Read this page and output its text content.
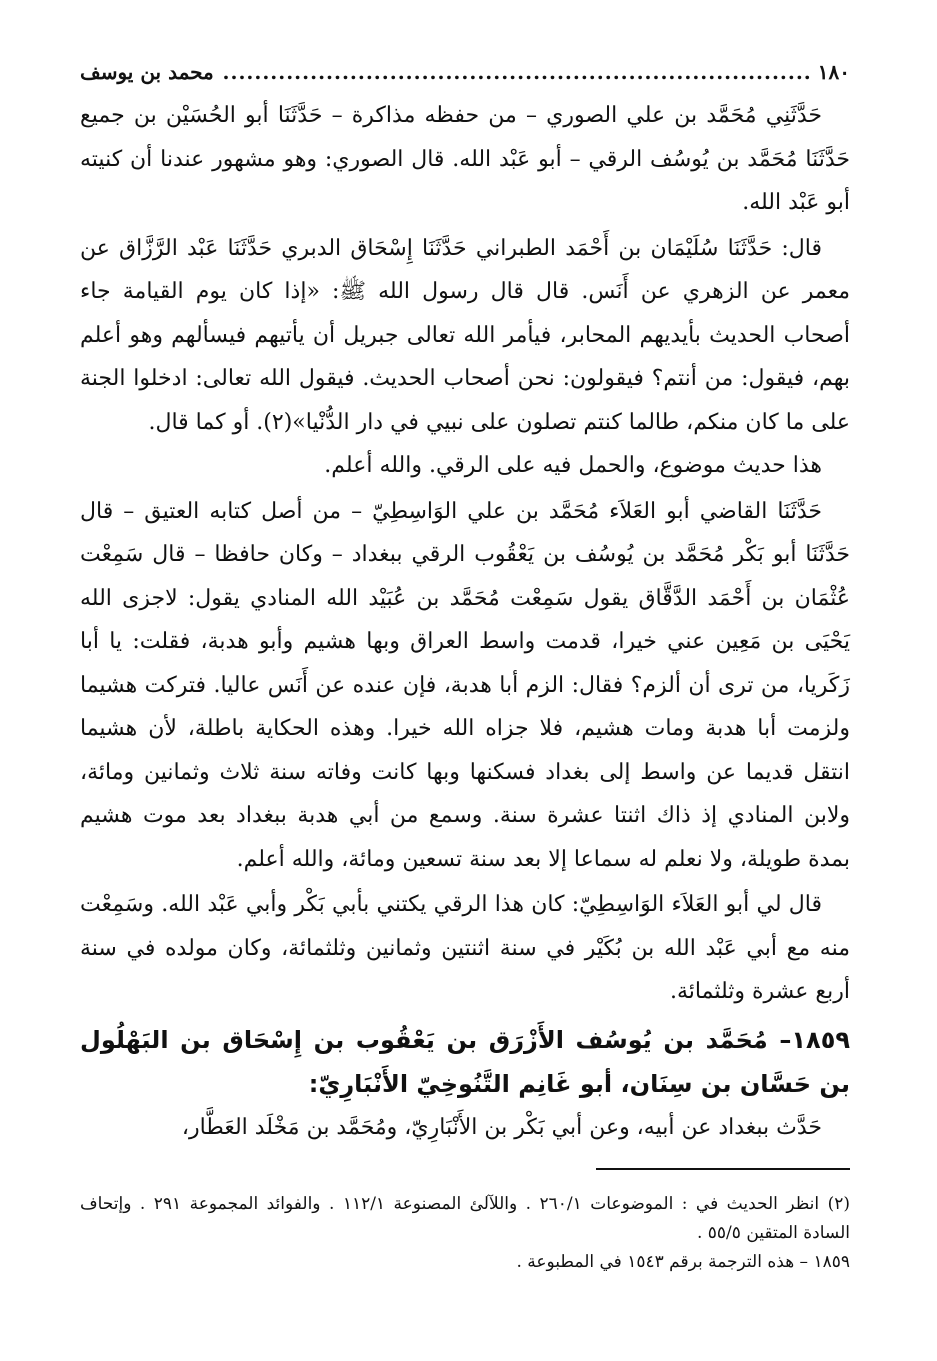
١٨٠
.....
محمد بن يوسف

حَدَّثَنِي مُحَمَّد بن علي الصوري – من حفظه مذاكرة – حَدَّثَنَا أبو الحُسَيْن بن جميع حَدَّثَنَا مُحَمَّد بن يُوسُف الرقي – أبو عَبْد الله. قال الصوري: وهو مشهور عندنا أن كنيته أبو عَبْد الله.

قال: حَدَّثَنَا سُلَيْمَان بن أَحْمَد الطبراني حَدَّثَنَا إِسْحَاق الدبري حَدَّثَنَا عَبْد الرَّزَّاق عن معمر عن الزهري عن أَنَس. قال قال رسول الله ﷺ: «إذا كان يوم القيامة جاء أصحاب الحديث بأيديهم المحابر، فيأمر الله تعالى جبريل أن يأتيهم فيسألهم وهو أعلم بهم، فيقول: من أنتم؟ فيقولون: نحن أصحاب الحديث. فيقول الله تعالى: ادخلوا الجنة على ما كان منكم، طالما كنتم تصلون على نبيي في دار الدُّنْيا»(٢). أو كما قال.

هذا حديث موضوع، والحمل فيه على الرقي. والله أعلم.

حَدَّثَنَا القاضي أبو العَلاَء مُحَمَّد بن علي الوَاسِطِيّ – من أصل كتابه العتيق – قال حَدَّثَنَا أبو بَكْر مُحَمَّد بن يُوسُف بن يَعْقُوب الرقي ببغداد – وكان حافظا – قال سَمِعْت عُثْمَان بن أَحْمَد الدَّقَّاق يقول سَمِعْت مُحَمَّد بن عُبَيْد الله المنادي يقول: لاجزى الله يَحْيَى بن مَعِين عني خيرا، قدمت واسط العراق وبها هشيم وأبو هدبة، فقلت: يا أبا زَكَريا، من ترى أن ألزم؟ فقال: الزم أبا هدبة، فإن عنده عن أَنَس عاليا. فتركت هشيما ولزمت أبا هدبة ومات هشيم، فلا جزاه الله خيرا. وهذه الحكاية باطلة، لأن هشيما انتقل قديما عن واسط إلى بغداد فسكنها وبها كانت وفاته سنة ثلاث وثمانين ومائة، ولابن المنادي إذ ذاك اثنتا عشرة سنة. وسمع من أبي هدبة ببغداد بعد موت هشيم بمدة طويلة، ولا نعلم له سماعا إلا بعد سنة تسعين ومائة، والله أعلم.

قال لي أبو العَلاَء الوَاسِطِيّ: كان هذا الرقي يكتني بأبي بَكْر وأبي عَبْد الله. وسَمِعْت منه مع أبي عَبْد الله بن بُكَيْر في سنة اثنتين وثمانين وثلثمائة، وكان مولده في سنة أربع عشرة وثلثمائة.

١٨٥٩– مُحَمَّد بن يُوسُف الأَزْرَق بن يَعْقُوب بن إِسْحَاق بن البَهْلُول بن حَسَّان بن سِنَان، أبو غَانِم التَّنُوخِيّ الأَنْبَارِيّ:

حَدَّث ببغداد عن أبيه، وعن أبي بَكْر بن الأَنْبَارِيّ، ومُحَمَّد بن مَخْلَد العَطَّار،

(٢) انظر الحديث في : الموضوعات ٢٦٠/١ . واللآلئ المصنوعة ١١٢/١ . والفوائد المجموعة ٢٩١ . وإتحاف السادة المتقين ٥٥/٥ .

١٨٥٩ – هذه الترجمة برقم ١٥٤٣ في المطبوعة .
